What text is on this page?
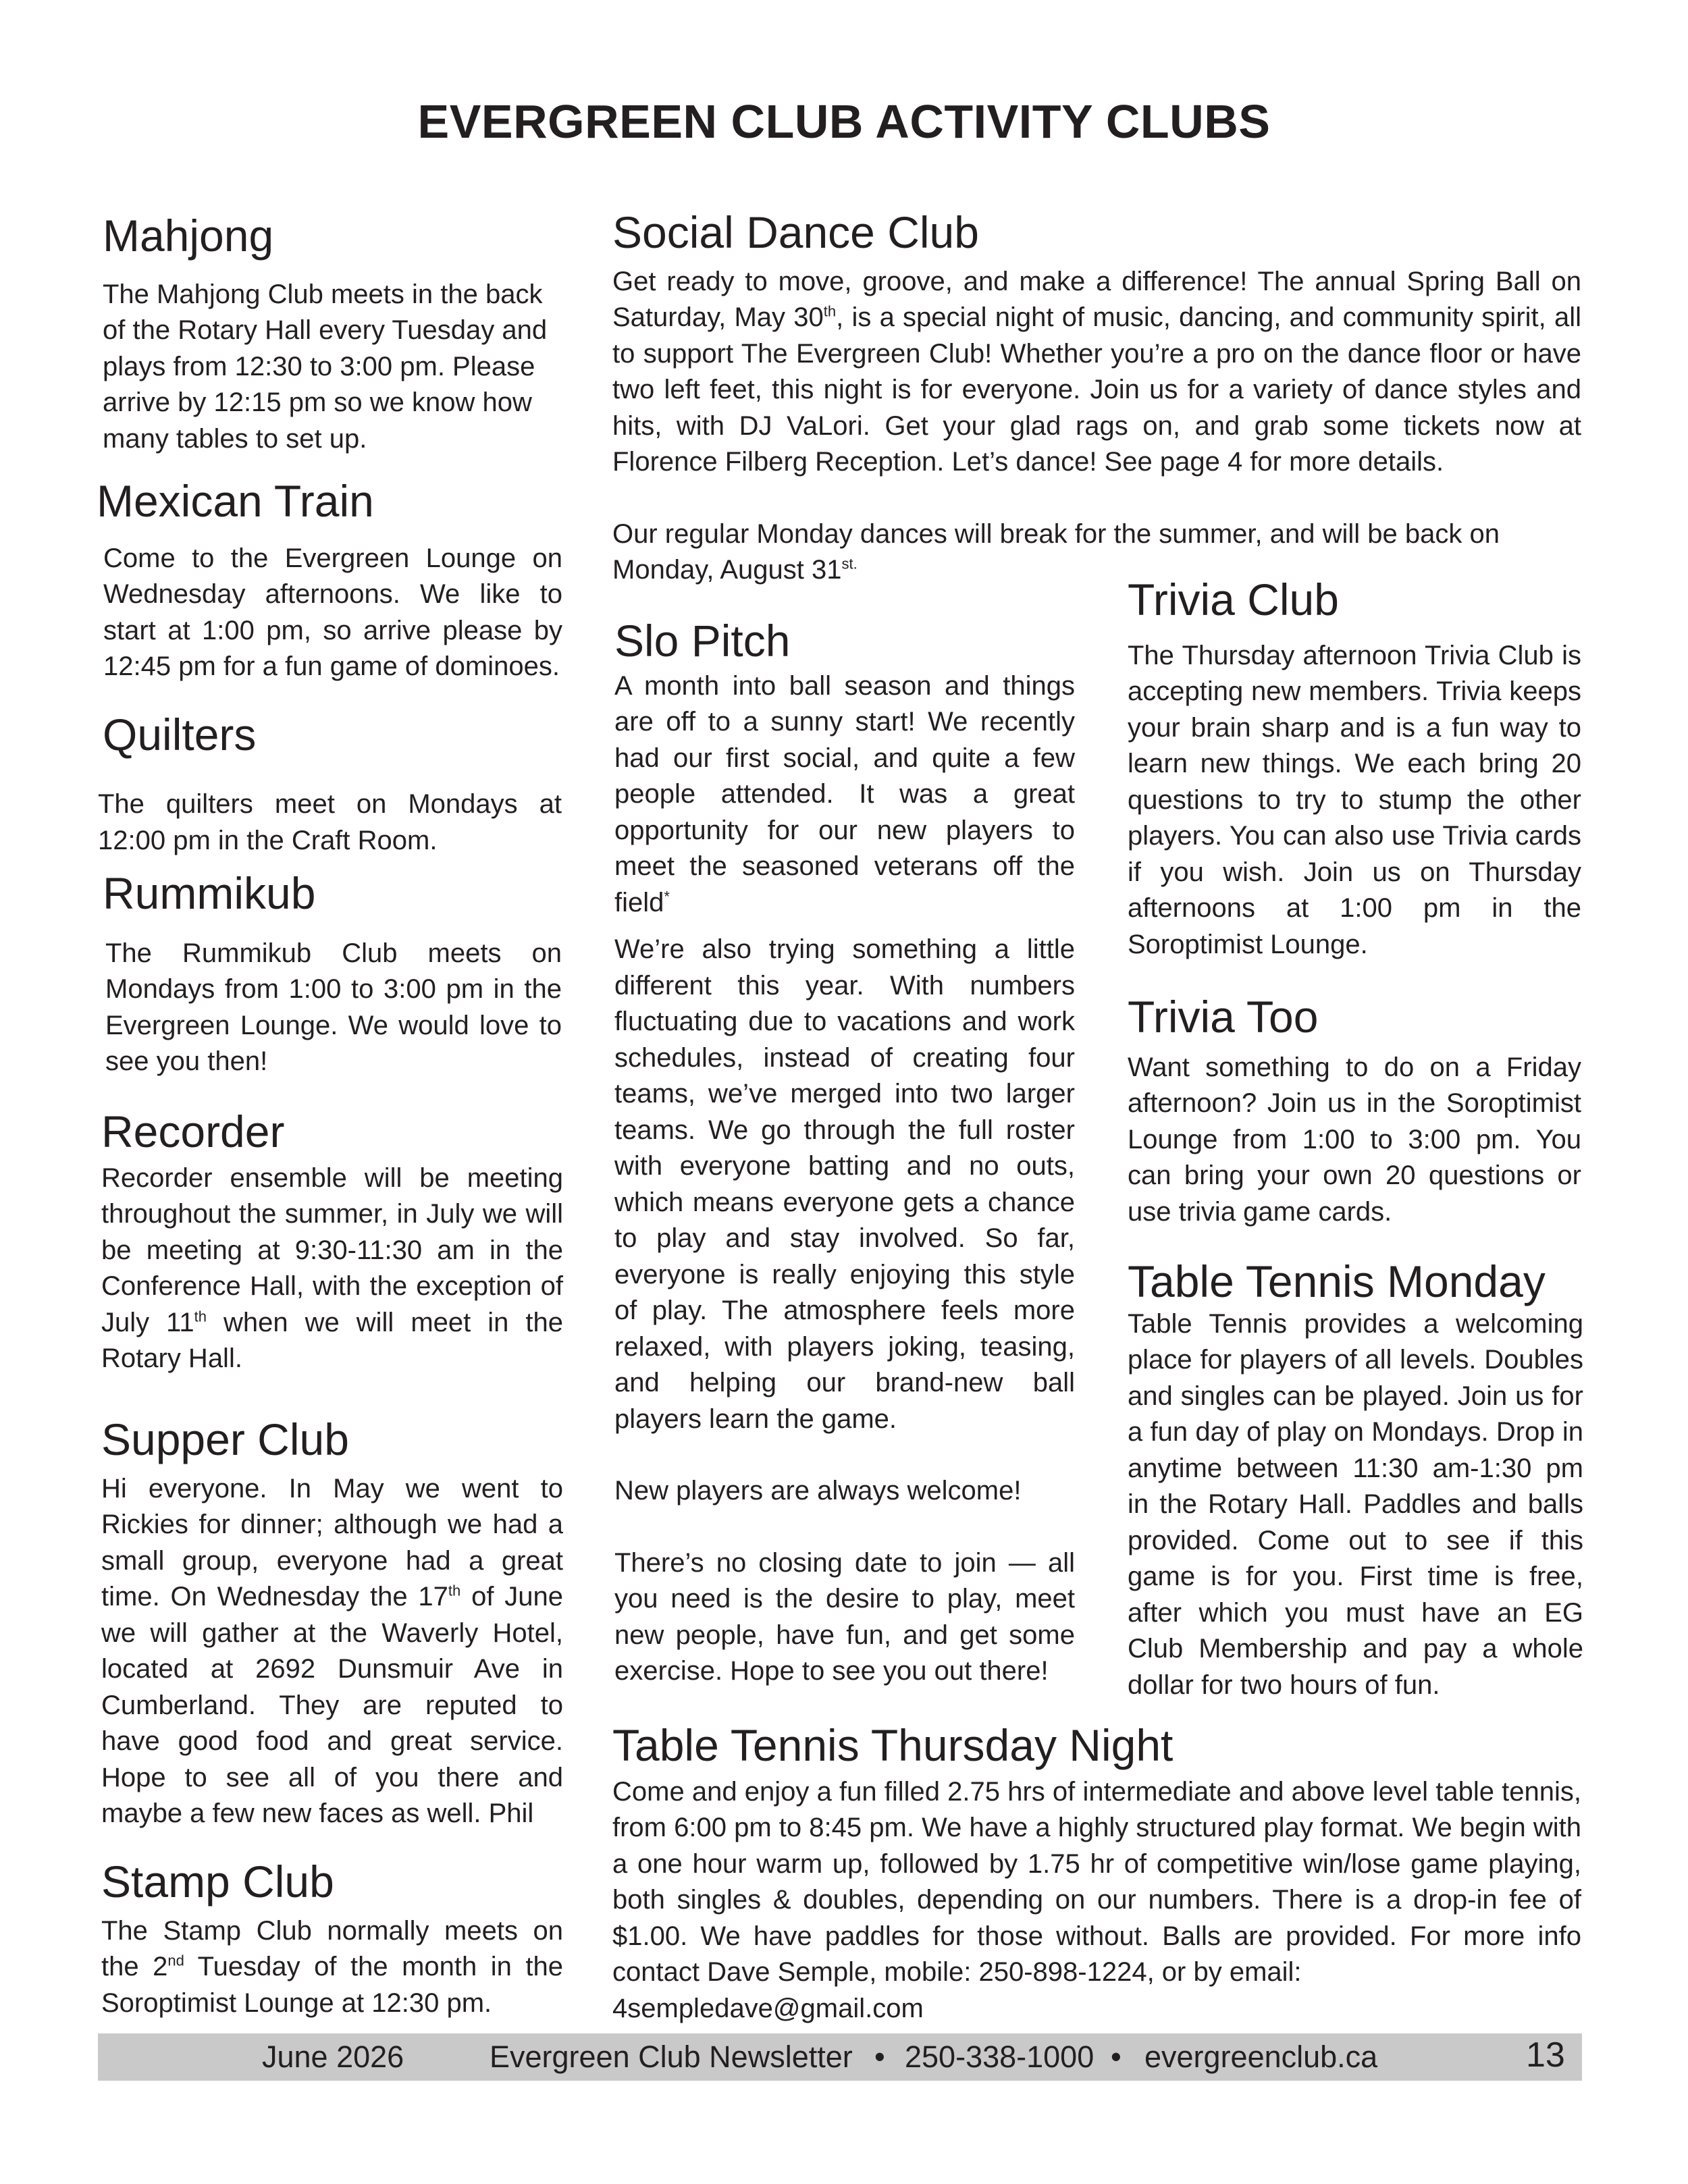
EVERGREEN CLUB ACTIVITY CLUBS
Mahjong

The Mahjong Club meets in the back of the Rotary Hall every Tuesday and plays from 12:30 to 3:00 pm. Please arrive by 12:15 pm so we know how many tables to set up.

Mexican Train

Come to the Evergreen Lounge on Wednesday afternoons. We like to start at 1:00 pm, so arrive please by 12:45 pm for a fun game of dominoes.

Quilters

The quilters meet on Mondays at 12:00 pm in the Craft Room.

Rummikub

The Rummikub Club meets on Mondays from 1:00 to 3:00 pm in the Evergreen Lounge. We would love to see you then!

Recorder

Recorder ensemble will be meeting throughout the summer, in July we will be meeting at 9:30-11:30 am in the Conference Hall, with the exception of July 11th when we will meet in the Rotary Hall.

Supper Club

Hi everyone. In May we went to Rickies for dinner; although we had a small group, everyone had a great time. On Wednesday the 17th of June we will gather at the Waverly Hotel, located at 2692 Dunsmuir Ave in Cumberland. They are reputed to have good food and great service. Hope to see all of you there and maybe a few new faces as well. Phil

Stamp Club

The Stamp Club normally meets on the 2nd Tuesday of the month in the Soroptimist Lounge at 12:30 pm.

Social Dance Club

Get ready to move, groove, and make a difference! The annual Spring Ball on Saturday, May 30th, is a special night of music, dancing, and community spirit, all to support The Evergreen Club! Whether you’re a pro on the dance floor or have two left feet, this night is for everyone. Join us for a variety of dance styles and hits, with DJ VaLori. Get your glad rags on, and grab some tickets now at Florence Filberg Reception. Let’s dance! See page 4 for more details.

Our regular Monday dances will break for the summer, and will be back on
Monday, August $31^{st.}$

Slo Pitch

A month into ball season and things are off to a sunny start! We recently had our first social, and quite a few people attended. It was a great opportunity for our new players to meet the seasoned veterans off the field*

We’re also trying something a little different this year. With numbers fluctuating due to vacations and work schedules, instead of creating four teams, we’ve merged into two larger teams. We go through the full roster with everyone batting and no outs, which means everyone gets a chance to play and stay involved. So far, everyone is really enjoying this style of play. The atmosphere feels more relaxed, with players joking, teasing, and helping our brand-new ball players learn the game.

New players are always welcome!

There’s no closing date to join — all you need is the desire to play, meet new people, have fun, and get some exercise. Hope to see you out there!

Trivia Club

The Thursday afternoon Trivia Club is accepting new members. Trivia keeps your brain sharp and is a fun way to learn new things. We each bring 20 questions to try to stump the other players. You can also use Trivia cards if you wish. Join us on Thursday afternoons at 1:00 pm in the Soroptimist Lounge.

Trivia Too

Want something to do on a Friday afternoon? Join us in the Soroptimist Lounge from 1:00 to 3:00 pm. You can bring your own 20 questions or use trivia game cards.

Table Tennis Monday

Table Tennis provides a welcoming place for players of all levels. Doubles and singles can be played. Join us for a fun day of play on Mondays. Drop in anytime between 11:30 am-1:30 pm in the Rotary Hall. Paddles and balls provided. Come out to see if this game is for you. First time is free, after which you must have an EG Club Membership and pay a whole dollar for two hours of fun.

Table Tennis Thursday Night

Come and enjoy a fun filled 2.75 hrs of intermediate and above level table tennis, from 6:00 pm to 8:45 pm. We have a highly structured play format. We begin with a one hour warm up, followed by 1.75 hr of competitive win/lose game playing, both singles & doubles, depending on our numbers. There is a drop-in fee of $1.00. We have paddles for those without. Balls are provided. For more info contact Dave Semple, mobile: 250-898-1224, or by email:

4sempledave@gmail.com

June 2026	Evergreen Club Newsletter • 250-338-1000 • evergreenclub.ca	13
